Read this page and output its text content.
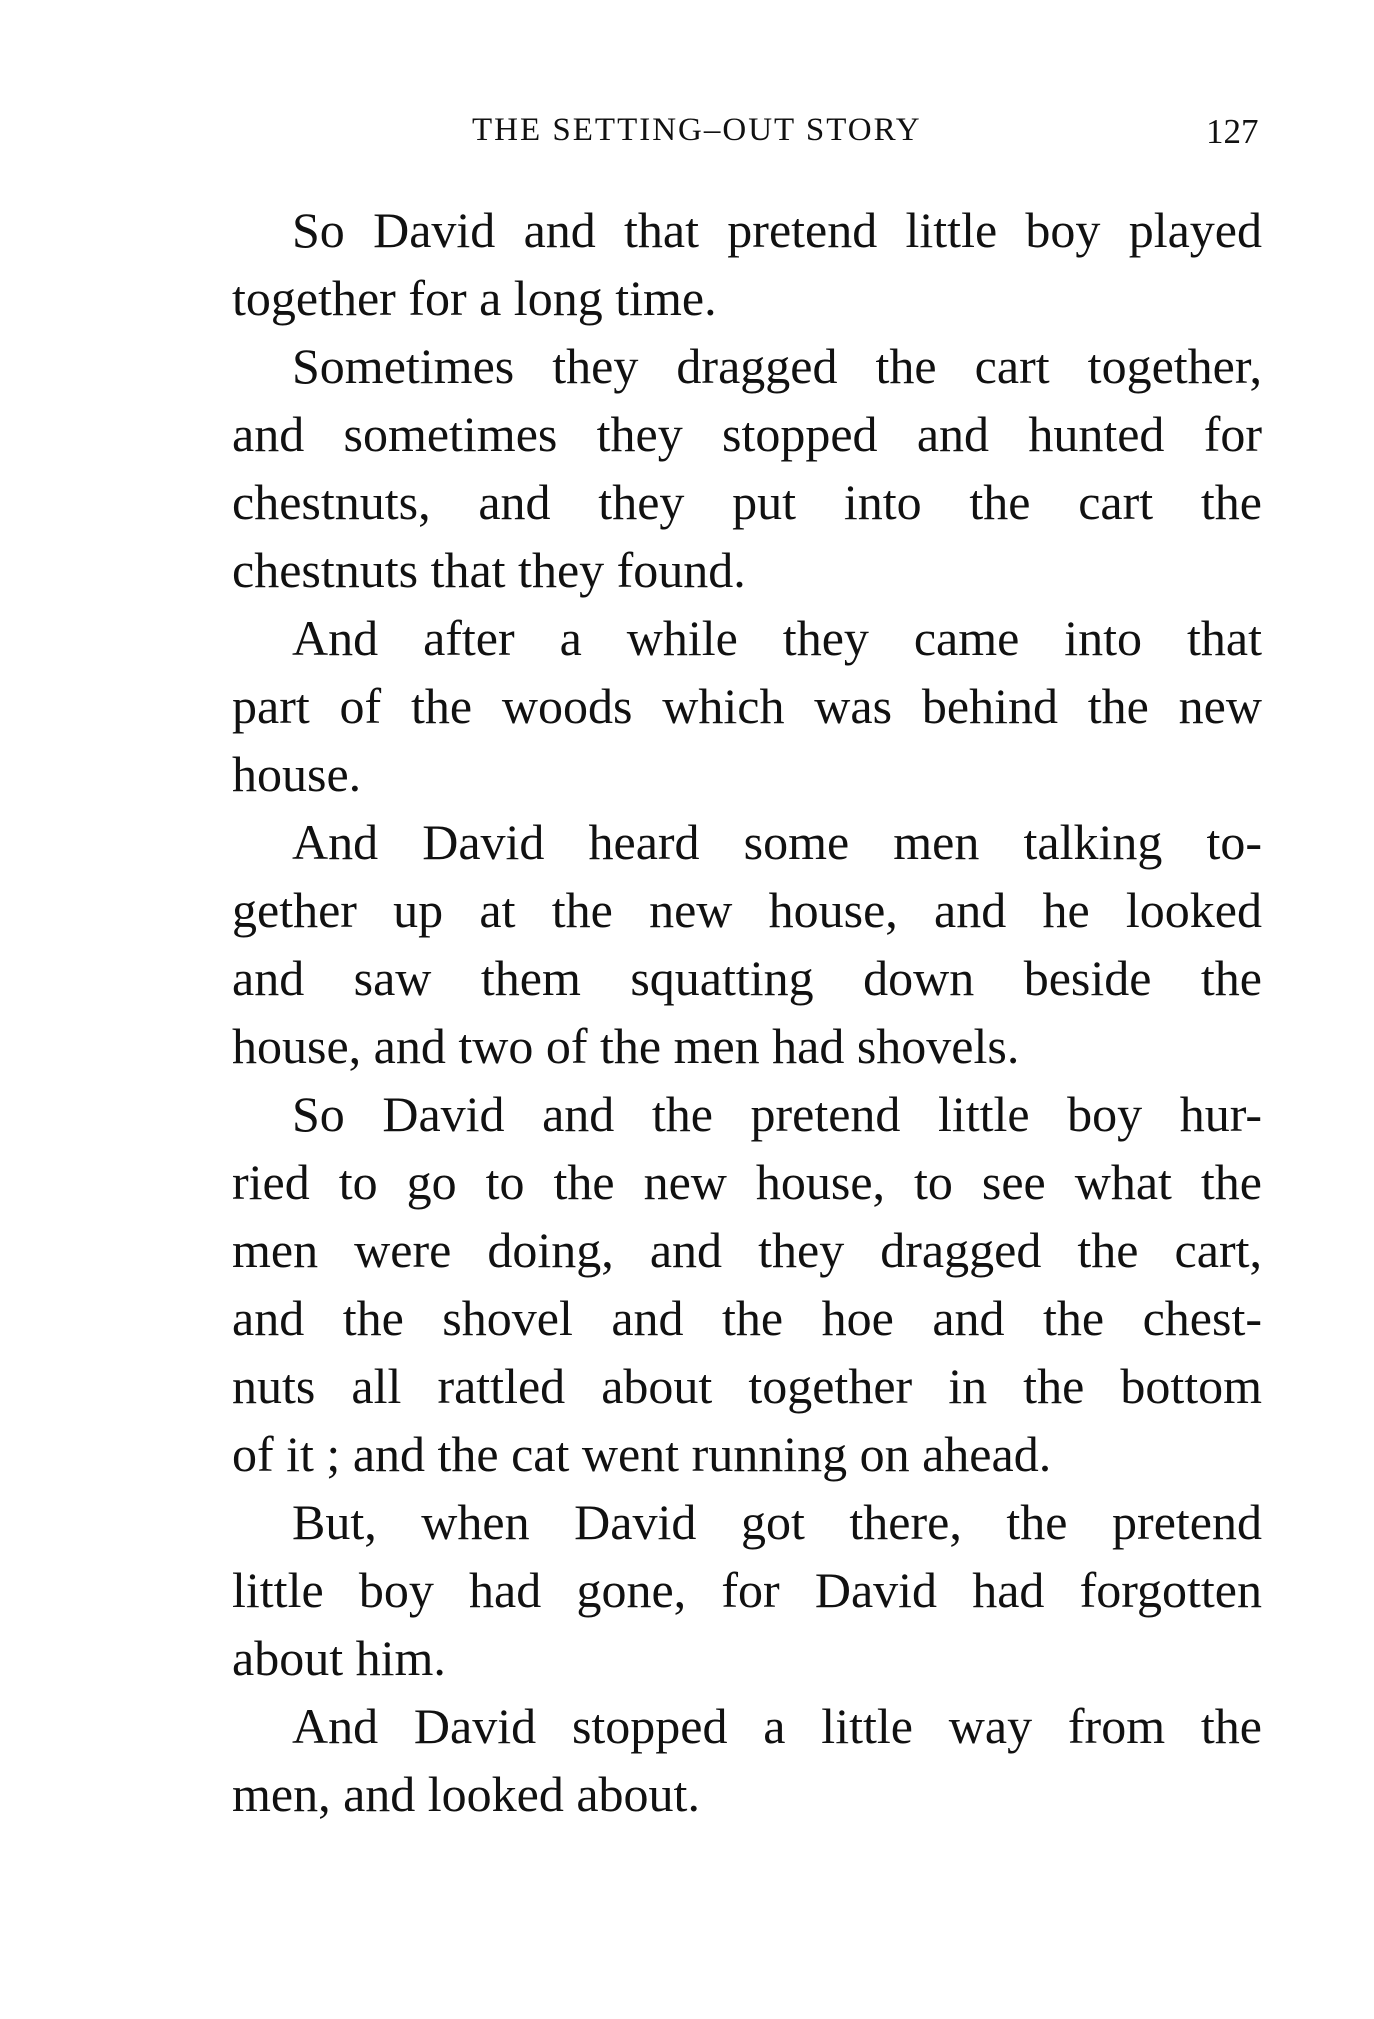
THE SETTING–OUT STORY	127
So David and that pretend little boy played
together for a long time.
Sometimes they dragged the cart together,
and sometimes they stopped and hunted for
chestnuts, and they put into the cart the
chestnuts that they found.
And after a while they came into that
part of the woods which was behind the new
house.
And David heard some men talking to-
gether up at the new house, and he looked
and saw them squatting down beside the
house, and two of the men had shovels.
So David and the pretend little boy hur-
ried to go to the new house, to see what the
men were doing, and they dragged the cart,
and the shovel and the hoe and the chest-
nuts all rattled about together in the bottom
of it ; and the cat went running on ahead.
But, when David got there, the pretend
little boy had gone, for David had forgotten
about him.
And David stopped a little way from the
men, and looked about.
